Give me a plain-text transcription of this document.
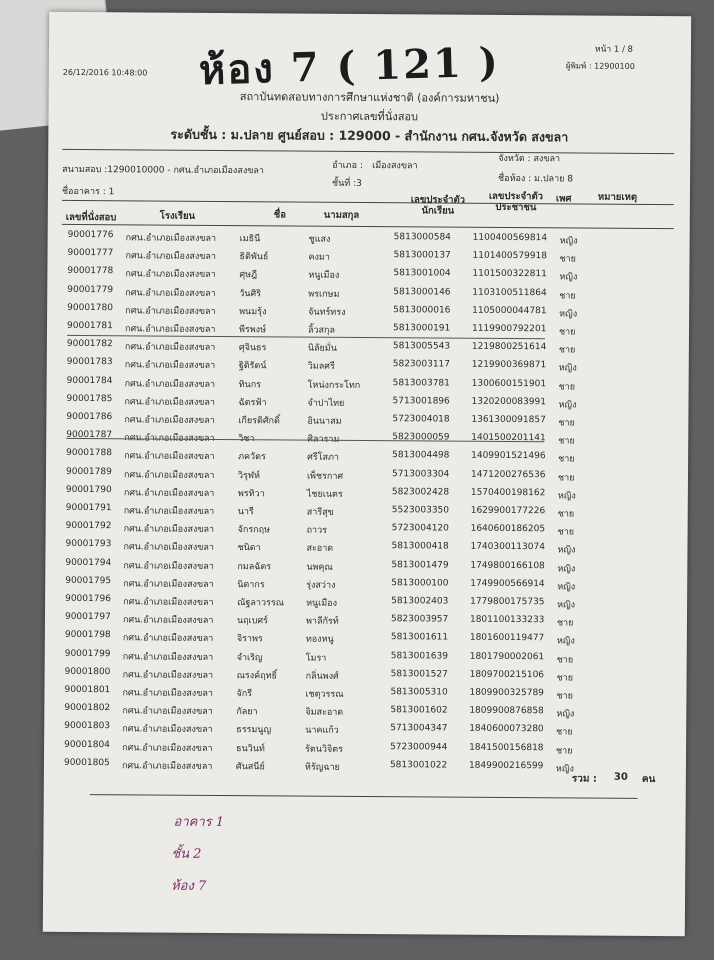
ห้อง 7 ( 121 )
26/12/2016 10:48:00
หน้า 1 / 8
ผู้พิมพ์ : 12900100
สถาบันทดสอบทางการศึกษาแห่งชาติ (องค์การมหาชน)
ประกาศเลขที่นั่งสอบ
ระดับชั้น : ม.ปลาย ศูนย์สอบ : 129000 - สำนักงาน กศน.จังหวัด สงขลา
สนามสอบ :1290010000 - กศน.อำเภอเมืองสงขลา	อำเภอ : เมืองสงขลา
จังหวัด : สงขลา
ชื่ออาคาร : 1
ชั้นที่ :3	ชื่อห้อง : ม.ปลาย 8
เลขที่นั่งสอบ	โรงเรียน	ชื่อ	นามสกุล
เลขประจำตัว
นักเรียน
เลขประจำตัว
ประชาชน
เพศ	หมายเหตุ
90001776 กศน.อำเภอเมืองสงขลา	เมธินี	ชูแสง	5813000584 1100400569814 หญิง
90001777 กศน.อำเภอเมืองสงขลา	ธิติพันธ์	คงมา	5813000137 1101400579918 ชาย
90001778 กศน.อำเภอเมืองสงขลา	ศุษฎี	หนูเมือง	5813001004 1101500322811 หญิง
90001779 กศน.อำเภอเมืองสงขลา	วันศิริ	พรเกษม	5813000146 1103100511864 ชาย
90001780 กศน.อำเภอเมืองสงขลา	พนมรุ้ง	จันทร์ทรง	5813000016 1105000044781 หญิง
90001781 กศน.อำเภอเมืองสงขลา	พีรพงษ์	ลิ้วสกุล	5813000191 1119900792201 ชาย
90001782 กศน.อำเภอเมืองสงขลา	ศุจินธร	นิลัยมั่น	5813005543 1219800251614 ชาย
90001783 กศน.อำเภอเมืองสงขลา	ฐิติรัตน์	วิมลศรี	5823003117 1219900369871 หญิง
90001784 กศน.อำเภอเมืองสงขลา	ทินกร	โหน่งกระโทก	5813003781 1300600151901 ชาย
90001785 กศน.อำเภอเมืองสงขลา	ฉัตรฟ้า	จำปาไทย	5713001896 1320200083991 หญิง
90001786 กศน.อำเภอเมืองสงขลา	เกียรติศักดิ์	อินนาสม	5723004018 1361300091857 ชาย
90001787 กศน.อำเภอเมืองสงขลา	วิชา	ศิลาราม	5823000059 1401500201141 ชาย
90001788 กศน.อำเภอเมืองสงขลา	ภควัตร	ศรีโสภา	5813004498 1409901521496 ชาย
90001789 กศน.อำเภอเมืองสงขลา	วิรุฬห์	เพ็ชรกาศ	5713003304 1471200276536 ชาย
90001790 กศน.อำเภอเมืองสงขลา	พรทิวา	ไชยเนตร	5823002428 1570400198162 หญิง
90001791 กศน.อำเภอเมืองสงขลา	นารี	สารีสุข	5523003350 1629900177226 ชาย
90001792 กศน.อำเภอเมืองสงขลา	จักรกฤษ	ถาวร	5723004120 1640600186205 ชาย
90001793 กศน.อำเภอเมืองสงขลา	ชนิดา	สะอาด	5813000418 1740300113074 หญิง
90001794 กศน.อำเภอเมืองสงขลา	กมลฉัตร	นพคุณ	5813001479 1749800166108 หญิง
90001795 กศน.อำเภอเมืองสงขลา	นิตากร	รุ่งสว่าง	5813000100 1749900566914 หญิง
90001796 กศน.อำเภอเมืองสงขลา	ณัฐลาวรรณ หนูเมือง	5813002403 1779800175735 หญิง
90001797 กศน.อำเภอเมืองสงขลา	นฤเบศร์	พาลีกัรท์	5823003957 1801100133233 ชาย
90001798 กศน.อำเภอเมืองสงขลา	จิราพร	ทองหนู	5813001611 1801600119477 หญิง
90001799 กศน.อำเภอเมืองสงขลา	จำเริญ	โมรา	5813001639 1801790002061 ชาย
90001800 กศน.อำเภอเมืองสงขลา	ณรงค์ฤทธิ์	กลิ่นพงศ์	5813001527 1809700215106 ชาย
90001801 กศน.อำเภอเมืองสงขลา	จักรี	เชตุวรรณ	5813005310 1809900325789 ชาย
90001802 กศน.อำเภอเมืองสงขลา	กัลยา	จิมสะอาด	5813001602 1809900876858 หญิง
90001803 กศน.อำเภอเมืองสงขลา	ธรรมนูญ	นาคแก้ว	5713004347 1840600073280 ชาย
90001804 กศน.อำเภอเมืองสงขลา	ธนวินท์	รัตนวิจิตร	5723000944 1841500156818 ชาย
90001805 กศน.อำเภอเมืองสงขลา	ศันสนีย์	หิรัญฉาย	5813001022 1849900216599 หญิง
รวม : 30 คน
อาคาร 1
ชั้น 2
ห้อง 7
